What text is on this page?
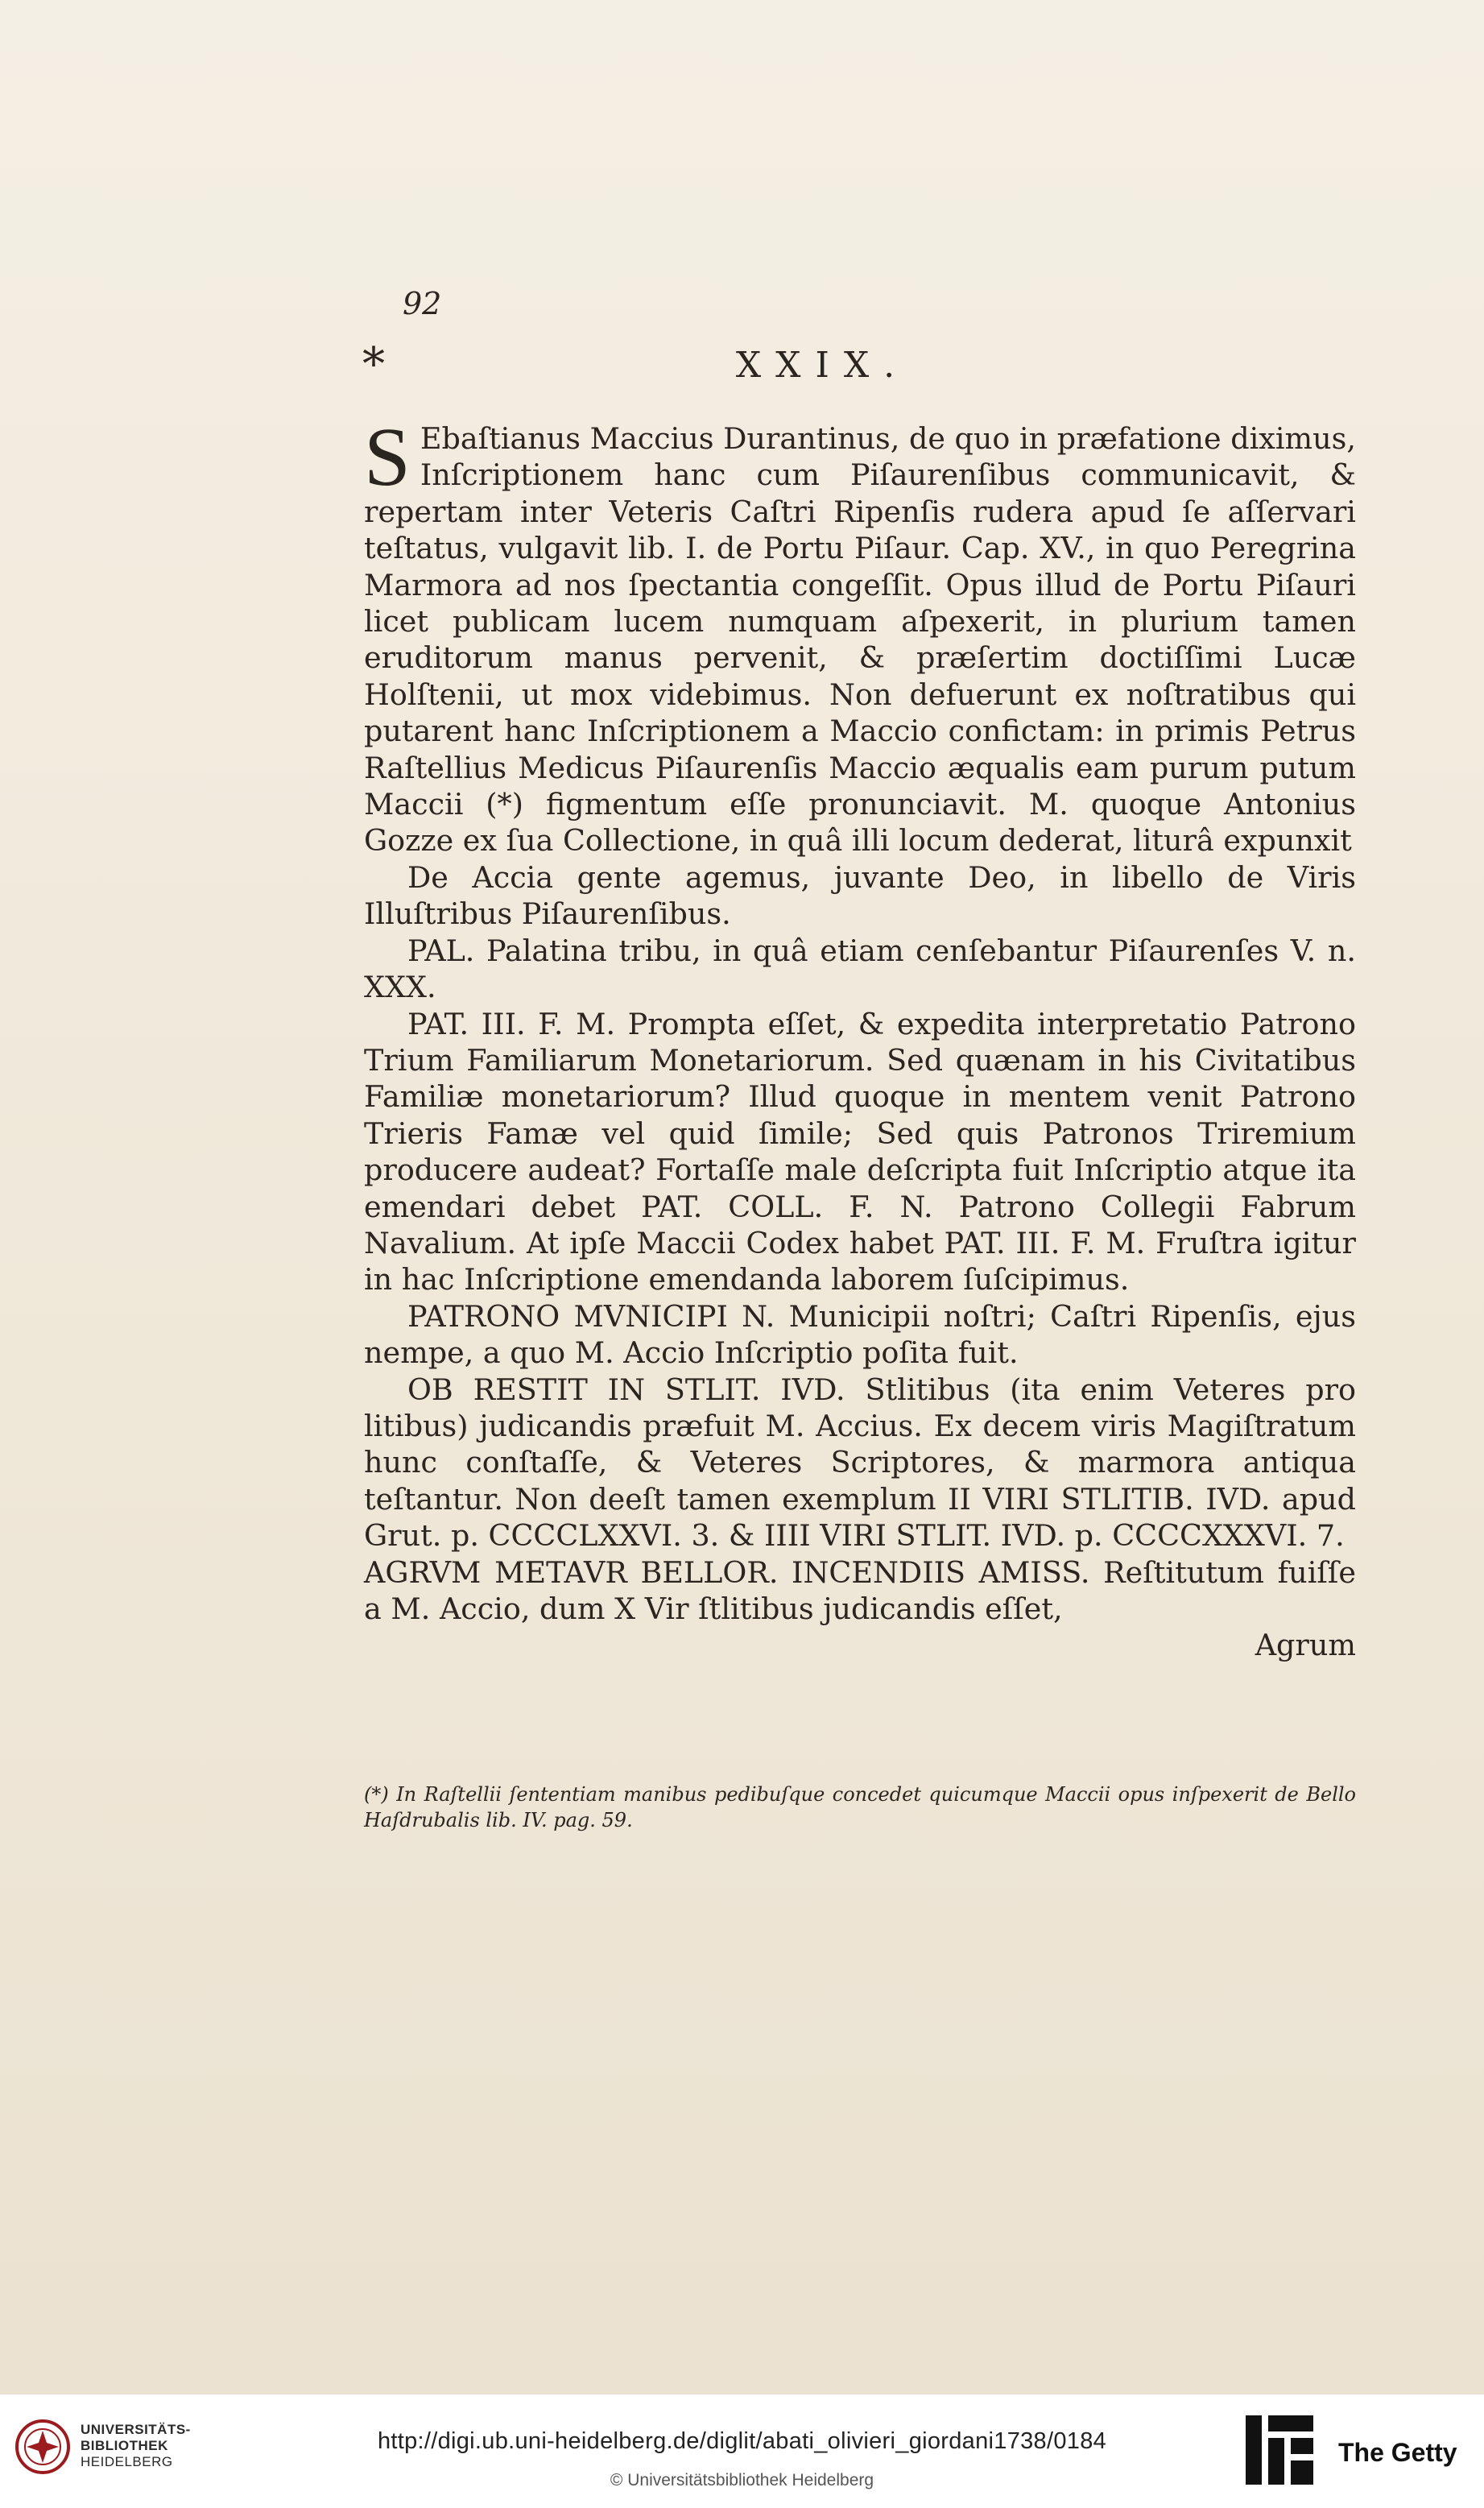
92
*	XXIX.

S Ebaſtianus Maccius Durantinus, de quo in præfatione diximus, Inſcriptionem hanc cum Piſaurenſibus communicavit, & repertam inter Veteris Caſtri Ripenſis rudera apud ſe aſſervari teſtatus, vulgavit lib. I. de Portu Piſaur. Cap. XV., in quo Peregrina Marmora ad nos ſpectantia congeſſit. Opus illud de Portu Piſauri licet publicam lucem numquam aſpexerit, in plurium tamen eruditorum manus pervenit, & præſertim doctiſſimi Lucæ Holſtenii, ut mox videbimus. Non defuerunt ex noſtratibus qui putarent hanc Inſcriptionem a Maccio confictam: in primis Petrus Raſtellius Medicus Piſaurenſis Maccio æqualis eam purum putum Maccii (*) figmentum eſſe pronunciavit. M. quoque Antonius Gozze ex ſua Collectione, in quâ illi locum dederat, liturâ expunxit

De Accia gente agemus, juvante Deo, in libello de Viris Illuſtribus Piſaurenſibus.

PAL. Palatina tribu, in quâ etiam cenſebantur Piſaurenſes V. n. XXX.

PAT. III. F. M. Prompta eſſet, & expedita interpretatio Patrono Trium Familiarum Monetariorum. Sed quænam in his Civitatibus Familiæ monetariorum? Illud quoque in mentem venit Patrono Trieris Famæ vel quid ſimile; Sed quis Patronos Triremium producere audeat? Fortaſſe male deſcripta fuit Inſcriptio atque ita emendari debet PAT. COLL. F. N. Patrono Collegii Fabrum Navalium. At ipſe Maccii Codex habet PAT. III. F. M. Fruſtra igitur in hac Inſcriptione emendanda laborem ſuſcipimus.

PATRONO MVNICIPI N. Municipii noſtri; Caſtri Ripenſis, ejus nempe, a quo M. Accio Inſcriptio poſita fuit.

OB RESTIT IN STLIT. IVD. Stlitibus (ita enim Veteres pro litibus) judicandis præfuit M. Accius. Ex decem viris Magiſtratum hunc conſtaſſe, & Veteres Scriptores, & marmora antiqua teſtantur. Non deeſt tamen exemplum II VIRI STLITIB. IVD. apud Grut. p. CCCCLXXVI. 3. & IIII VIRI STLIT. IVD. p. CCCCXXXVI. 7.

AGRVM METAVR BELLOR. INCENDIIS AMISS. Reſtitutum fuiſſe a M. Accio, dum X Vir ſtlitibus judicandis eſſet,

Agrum

(*) In Raſtellii ſententiam manibus pedibuſque concedet quicumque Maccii opus inſpexerit de Bello Haſdrubalis lib. IV. pag. 59.
UNIVERSITÄTS-
BIBLIOTHEK
HEIDELBERG
http://digi.ub.uni-heidelberg.de/diglit/abati_olivieri_giordani1738/0184
© Universitätsbibliothek Heidelberg
The Getty
